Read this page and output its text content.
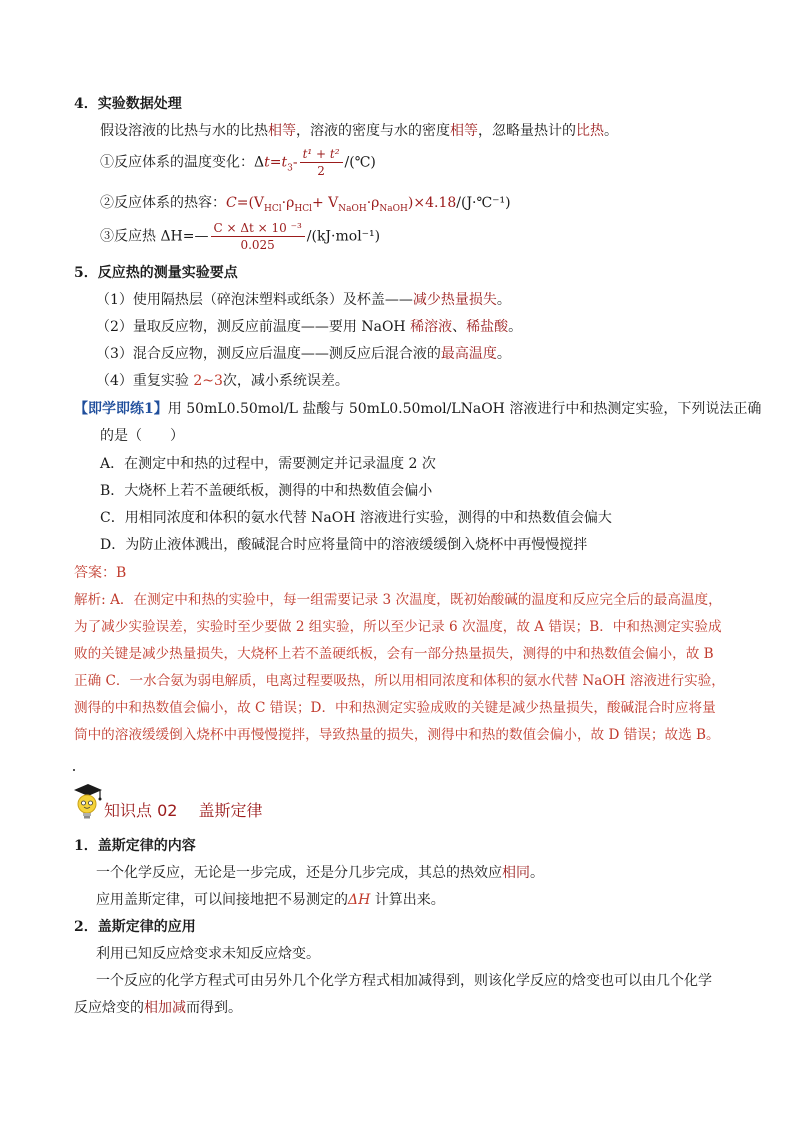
4．实验数据处理
假设溶液的比热与水的比热相等，溶液的密度与水的密度相等，忽略量热计的比热。
①反应体系的温度变化：$\Delta t=t_3- \frac{\text{t¹ + t²}}{2}$ /(℃)
②反应体系的热容：$C=(V_{HCl}\cdot\rho_{HCl}+$ $V_{NaOH}\cdot\rho_{NaOH})\times 4.18/(J\cdot℃^{-1})$
③反应热 ΔH=— $\frac{\text{C × Δt × 10 ⁻³}}{0.025} /(kJ\cdot mol^{-1})$
5．反应热的测量实验要点
（1）使用隔热层（碎泡沫塑料或纸条）及杯盖——减少热量损失。
（2）量取反应物，测反应前温度——要用 NaOH 稀溶液、稀盐酸。
（3）混合反应物，测反应后温度——测反应后混合液的最高温度。
（4）重复实验 2~3次，减小系统误差。
【即学即练1】用 50mL0.50mol/L 盐酸与 50mL0.50mol/LNaOH 溶液进行中和热测定实验，下列说法正确
的是（　　）
A．在测定中和热的过程中，需要测定并记录温度 2 次
B．大烧杯上若不盖硬纸板，测得的中和热数值会偏小
C．用相同浓度和体积的氨水代替 NaOH 溶液进行实验，测得的中和热数值会偏大
D．为防止液体溅出，酸碱混合时应将量筒中的溶液缓缓倒入烧杯中再慢慢搅拌
答案：B
解析: A．在测定中和热的实验中，每一组需要记录 3 次温度，既初始酸碱的温度和反应完全后的最高温度，
为了减少实验误差，实验时至少要做 2 组实验，所以至少记录 6 次温度，故 A 错误；B．中和热测定实验成
败的关键是减少热量损失，大烧杯上若不盖硬纸板，会有一部分热量损失，测得的中和热数值会偏小，故 B
正确 C．一水合氨为弱电解质，电离过程要吸热，所以用相同浓度和体积的氨水代替 NaOH 溶液进行实验，
测得的中和热数值会偏小，故 C 错误；D．中和热测定实验成败的关键是减少热量损失，酸碱混合时应将量
筒中的溶液缓缓倒入烧杯中再慢慢搅拌，导致热量的损失，测得中和热的数值会偏小，故 D 错误；故选 B。
知识点 02　 盖斯定律
1．盖斯定律的内容
一个化学反应，无论是一步完成，还是分几步完成，其总的热效应相同。
应用盖斯定律，可以间接地把不易测定的ΔH 计算出来。
2．盖斯定律的应用
利用已知反应焓变求未知反应焓变。
一个反应的化学方程式可由另外几个化学方程式相加减得到，则该化学反应的焓变也可以由几个化学
反应焓变的相加减而得到。
